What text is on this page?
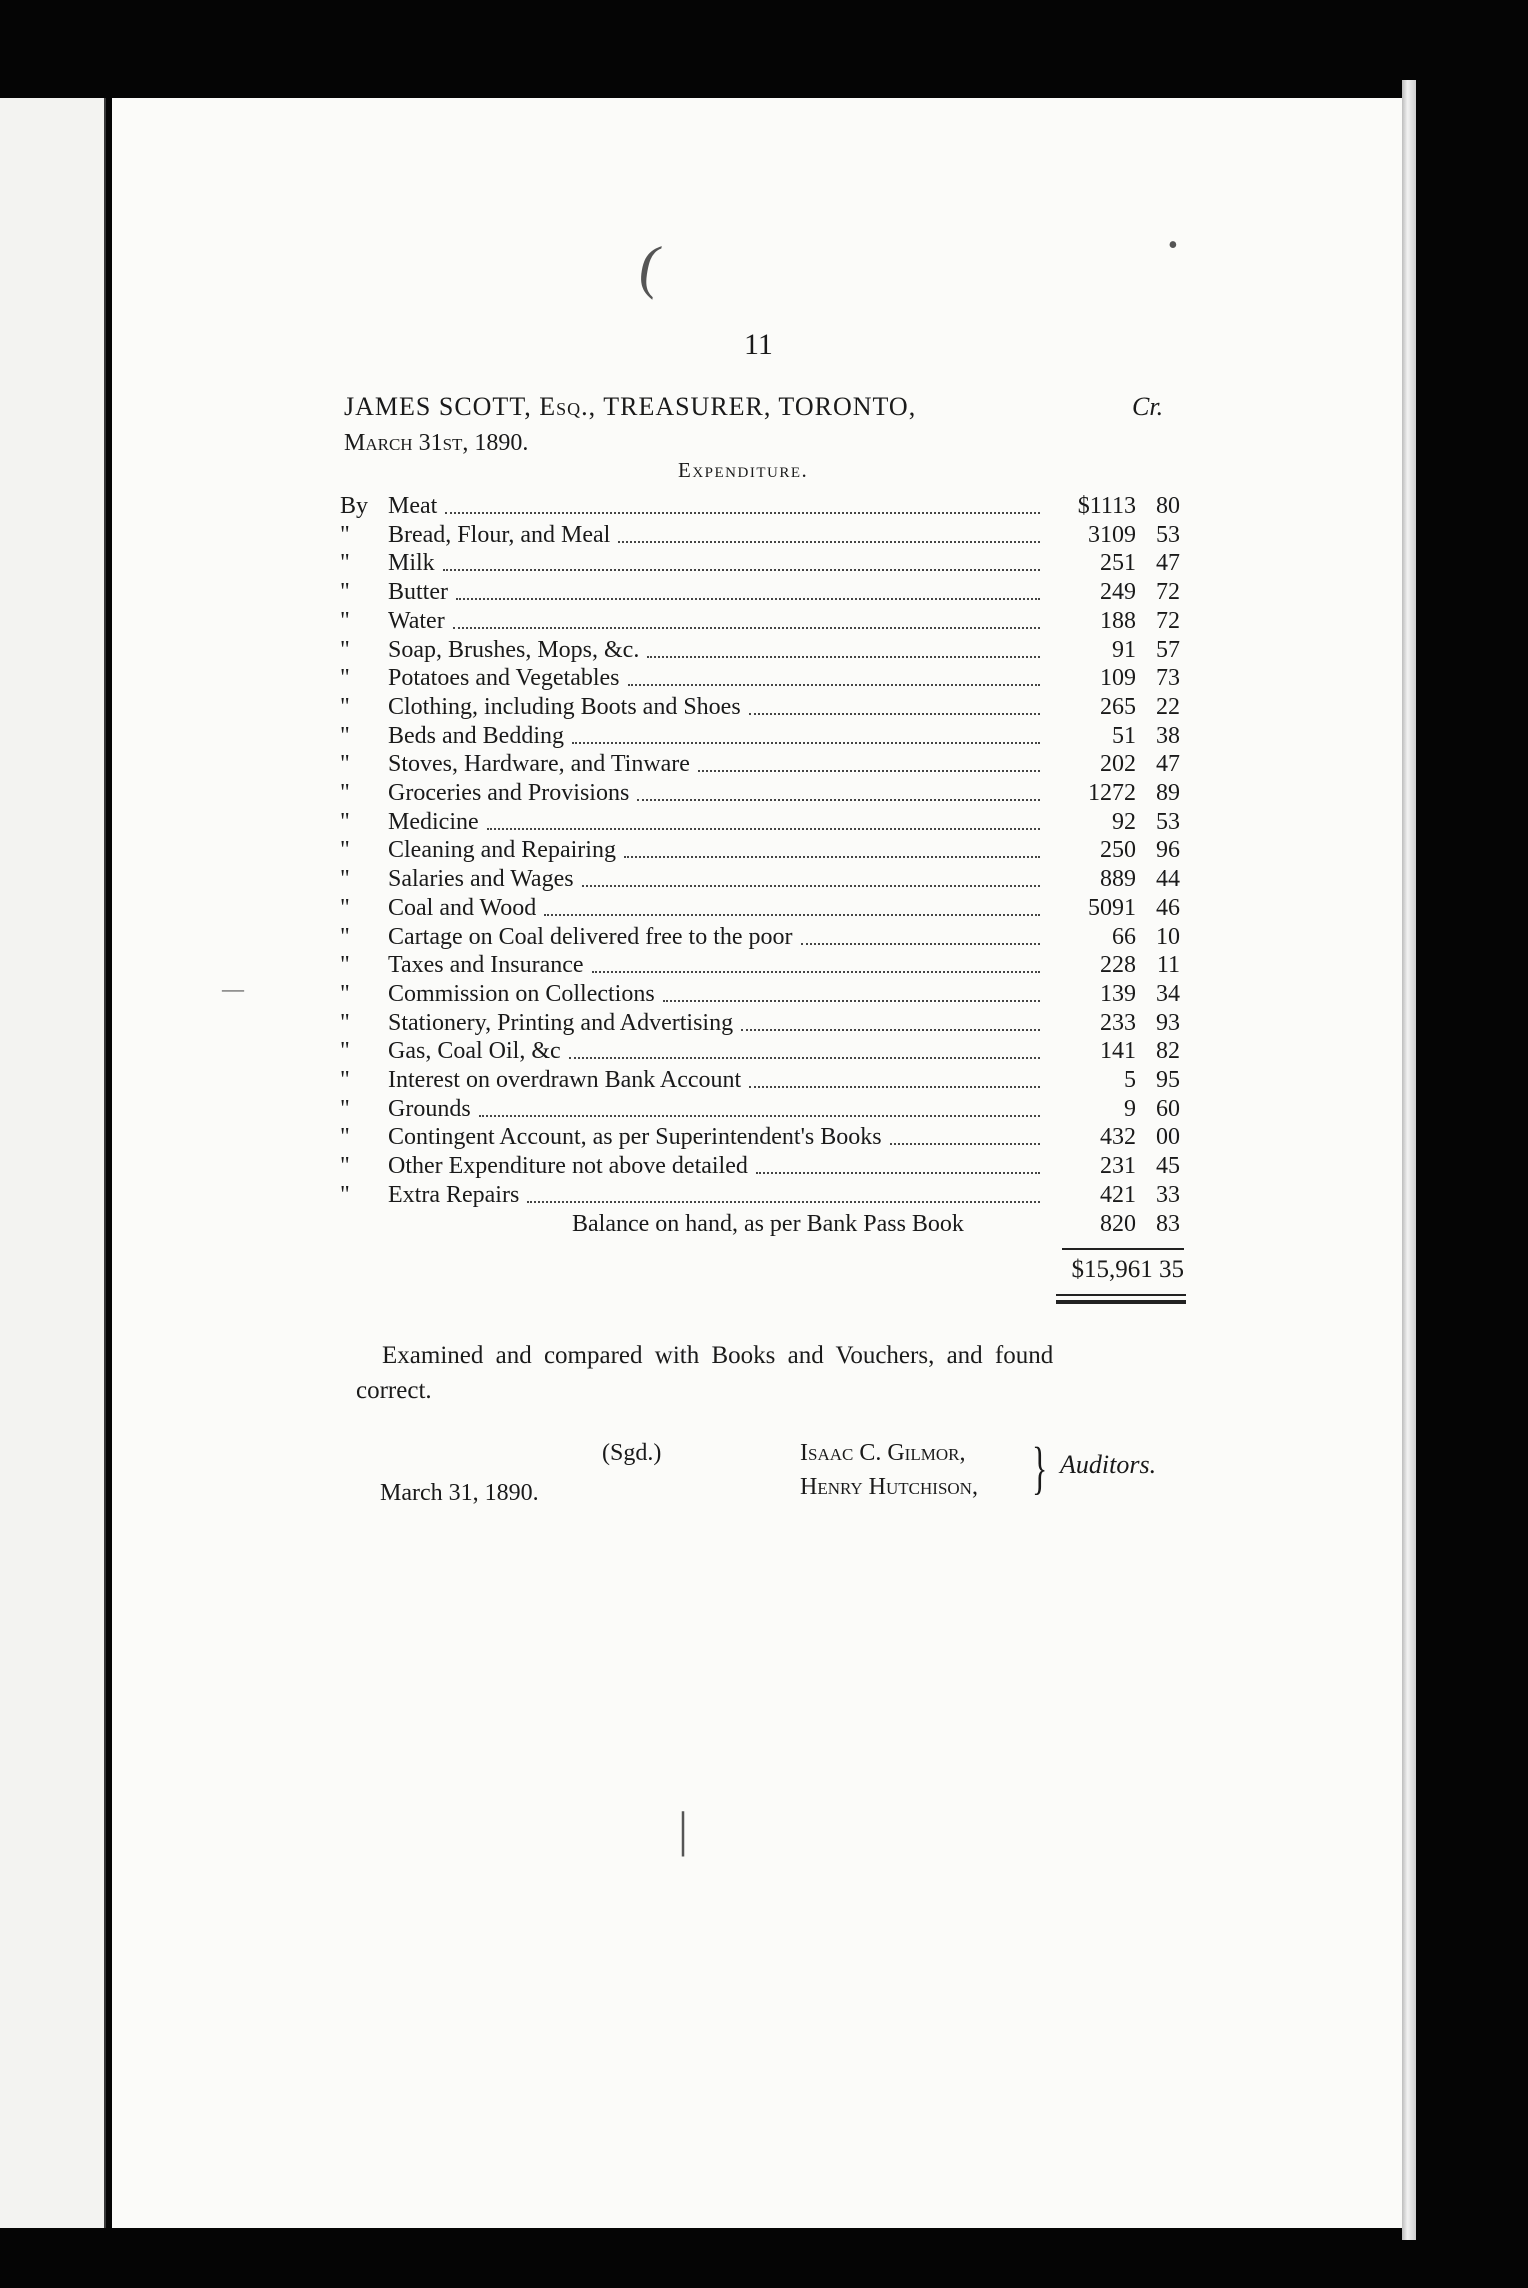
11
JAMES SCOTT, Esq., TREASURER, TORONTO,	Cr.
March 31st, 1890.
Expenditure.
By Meat	$1113 80
"	Bread, Flour, and Meal	3109 53
"	Milk	251 47
"	Butter	249 72
"	Water	188 72
"	Soap, Brushes, Mops, &c.	91 57
"	Potatoes and Vegetables	109 73
"	Clothing, including Boots and Shoes	265 22
"	Beds and Bedding	51 38
"	Stoves, Hardware, and Tinware	202 47
"	Groceries and Provisions	1272 89
"	Medicine	92 53
"	Cleaning and Repairing	250 96
"	Salaries and Wages	889 44
"	Coal and Wood	5091 46
"	Cartage on Coal delivered free to the poor	66 10
"	Taxes and Insurance	228 11
"	Commission on Collections	139 34
"	Stationery, Printing and Advertising	233 93
"	Gas, Coal Oil, &c	141 82
"	Interest on overdrawn Bank Account	5 95
"	Grounds	9 60
"	Contingent Account, as per Superintendent's Books	432 00
"	Other Expenditure not above detailed	231 45
"	Extra Repairs	421 33
Balance on hand, as per Bank Pass Book	820 83
$15,961 35
Examined and compared with Books and Vouchers, and found
correct.
(Sgd.)
March 31, 1890.
Isaac C. Gilmor,
Henry Hutchison, } Auditors.
(	•
—
|
